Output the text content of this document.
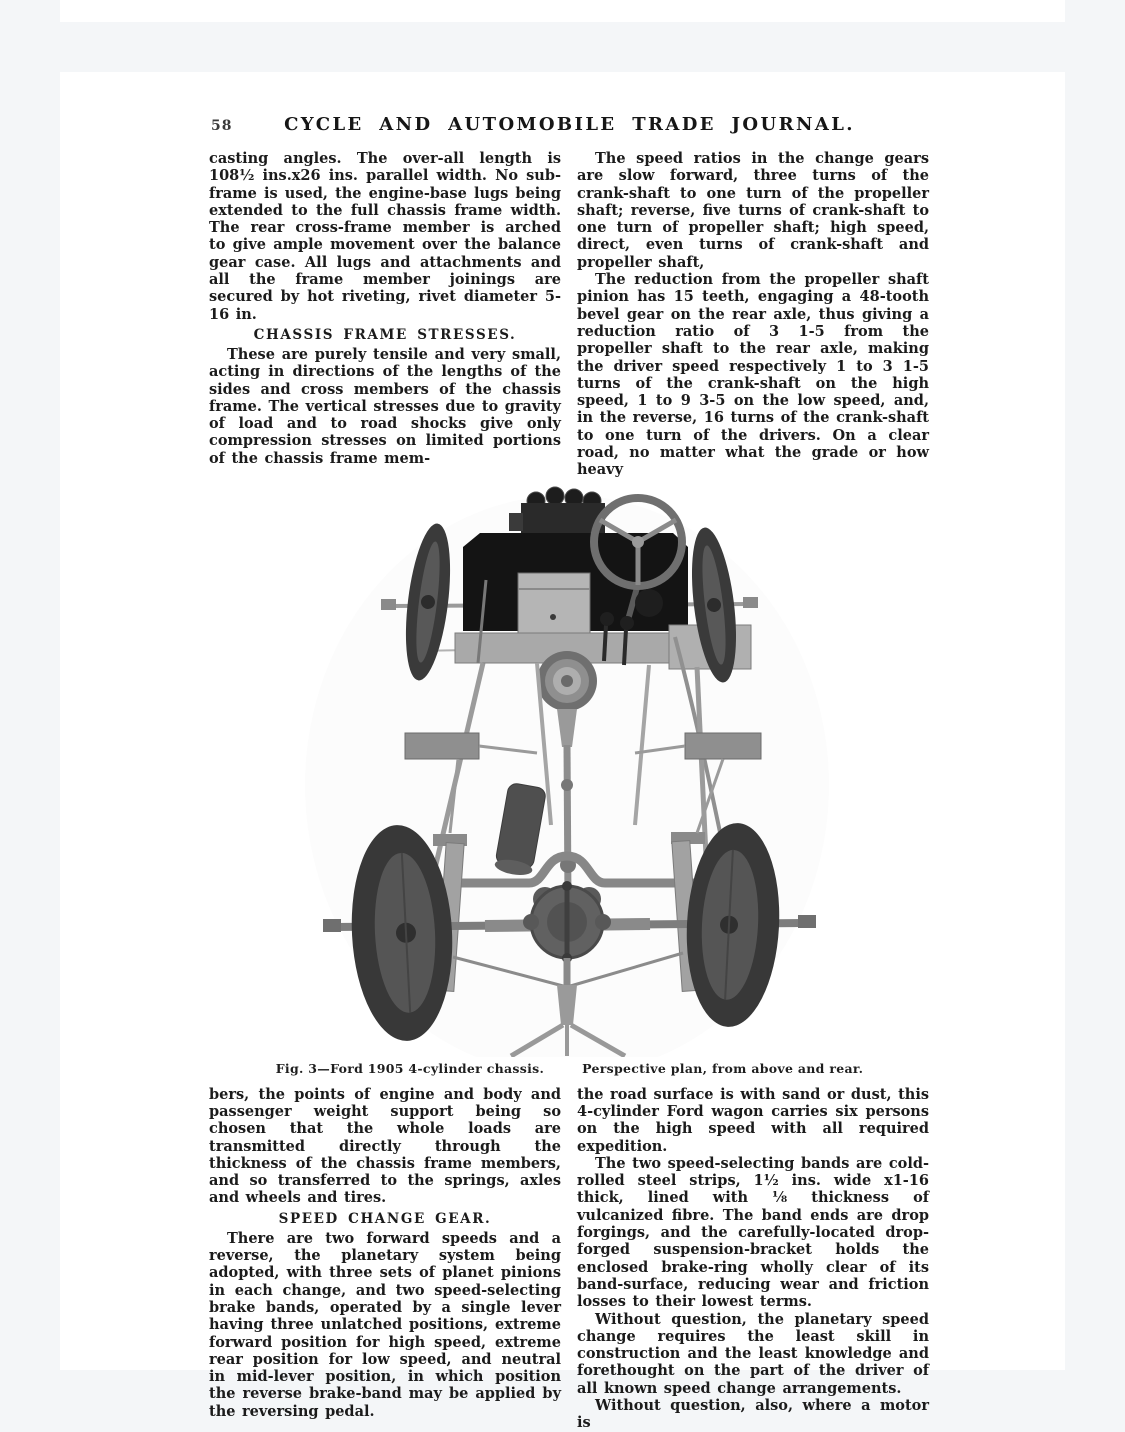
58	CYCLE AND AUTOMOBILE TRADE JOURNAL.

casting angles. The over-all length is 108½ ins.x26 ins. parallel width. No sub-frame is used, the engine-base lugs being extended to the full chassis frame width. The rear cross-frame member is arched to give ample movement over the balance gear case. All lugs and attachments and all the frame member joinings are secured by hot riveting, rivet diameter 5-16 in.

CHASSIS FRAME STRESSES.

These are purely tensile and very small, acting in directions of the lengths of the sides and cross members of the chassis frame. The vertical stresses due to gravity of load and to road shocks give only compression stresses on limited portions of the chassis frame mem-

The speed ratios in the change gears are slow forward, three turns of the crank-shaft to one turn of the propeller shaft; reverse, five turns of crank-shaft to one turn of propeller shaft; high speed, direct, even turns of crank-shaft and propeller shaft,

The reduction from the propeller shaft pinion has 15 teeth, engaging a 48-tooth bevel gear on the rear axle, thus giving a reduction ratio of 3 1-5 from the propeller shaft to the rear axle, making the driver speed respectively 1 to 3 1-5 turns of the crank-shaft on the high speed, 1 to 9 3-5 on the low speed, and, in the reverse, 16 turns of the crank-shaft to one turn of the drivers. On a clear road, no matter what the grade or how heavy

Fig. 3—Ford 1905 4-cylinder chassis.	Perspective plan, from above and rear.

bers, the points of engine and body and passenger weight support being so chosen that the whole loads are transmitted directly through the thickness of the chassis frame members, and so transferred to the springs, axles and wheels and tires.

SPEED CHANGE GEAR.

There are two forward speeds and a reverse, the planetary system being adopted, with three sets of planet pinions in each change, and two speed-selecting brake bands, operated by a single lever having three unlatched positions, extreme forward position for high speed, extreme rear position for low speed, and neutral in mid-lever position, in which position the reverse brake-band may be applied by the reversing pedal.

the road surface is with sand or dust, this 4-cylinder Ford wagon carries six persons on the high speed with all required expedition.

The two speed-selecting bands are cold-rolled steel strips, 1½ ins. wide x1-16 thick, lined with ⅛ thickness of vulcanized fibre. The band ends are drop forgings, and the carefully-located drop-forged suspension-bracket holds the enclosed brake-ring wholly clear of its band-surface, reducing wear and friction losses to their lowest terms.

Without question, the planetary speed change requires the least skill in construction and the least knowledge and forethought on the part of the driver of all known speed change arrangements.

Without question, also, where a motor is
